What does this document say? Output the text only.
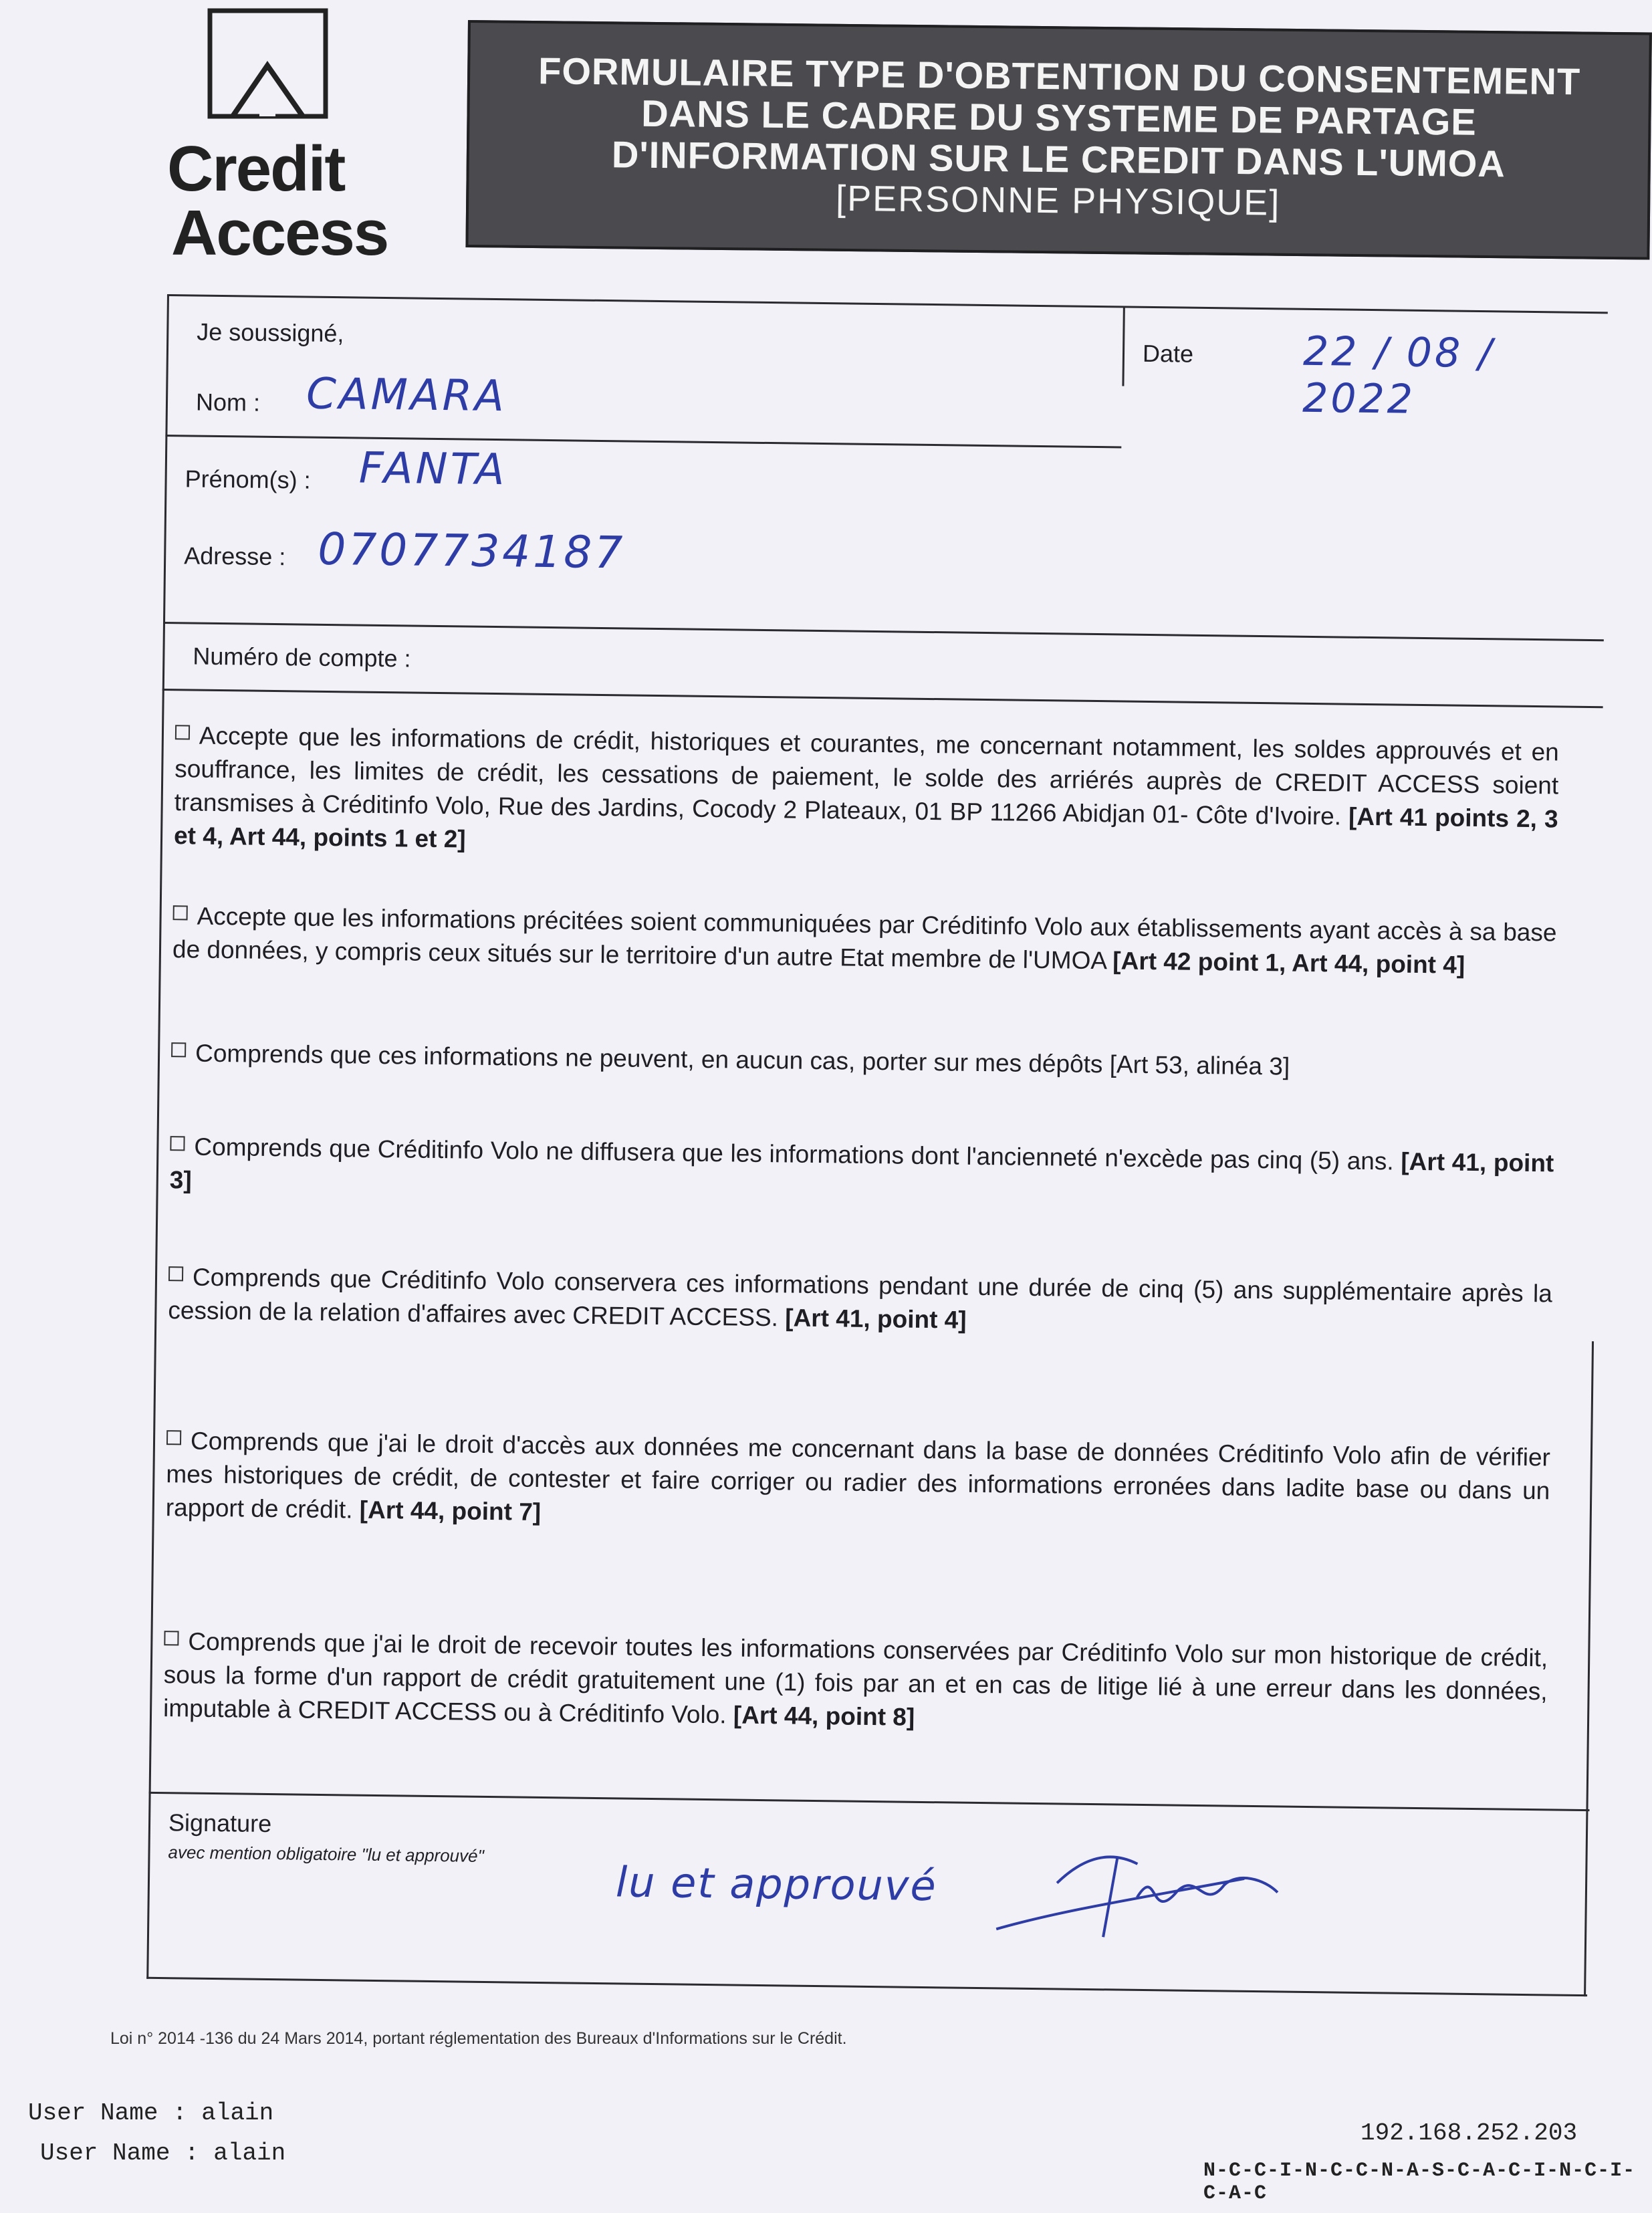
Credit
Access
FORMULAIRE TYPE D'OBTENTION DU CONSENTEMENT
DANS LE CADRE DU SYSTEME DE PARTAGE
D'INFORMATION SUR LE CREDIT DANS L'UMOA
[PERSONNE PHYSIQUE]
Je soussigné,
Date	22 / 08 / 2022
Nom : CAMARA
Prénom(s) : FANTA
Adresse : 0707734187
Numéro de compte :
Accepte que les informations de crédit, historiques et courantes, me concernant notamment, les soldes approuvés et en souffrance, les limites de crédit, les cessations de paiement, le solde des arriérés auprès de CREDIT ACCESS soient transmises à Créditinfo Volo, Rue des Jardins, Cocody 2 Plateaux, 01 BP 11266 Abidjan 01- Côte d'Ivoire. [Art 41 points 2, 3 et 4, Art 44, points 1 et 2]
Accepte que les informations précitées soient communiquées par Créditinfo Volo aux établissements ayant accès à sa base de données, y compris ceux situés sur le territoire d'un autre Etat membre de l'UMOA [Art 42 point 1, Art 44, point 4]
Comprends que ces informations ne peuvent, en aucun cas, porter sur mes dépôts [Art 53, alinéa 3]
Comprends que Créditinfo Volo ne diffusera que les informations dont l'ancienneté n'excède pas cinq (5) ans. [Art 41, point 3]
Comprends que Créditinfo Volo conservera ces informations pendant une durée de cinq (5) ans supplémentaire après la cession de la relation d'affaires avec CREDIT ACCESS. [Art 41, point 4]
Comprends que j'ai le droit d'accès aux données me concernant dans la base de données Créditinfo Volo afin de vérifier mes historiques de crédit, de contester et faire corriger ou radier des informations erronées dans ladite base ou dans un rapport de crédit. [Art 44, point 7]
Comprends que j'ai le droit de recevoir toutes les informations conservées par Créditinfo Volo sur mon historique de crédit, sous la forme d'un rapport de crédit gratuitement une (1) fois par an et en cas de litige lié à une erreur dans les données, imputable à CREDIT ACCESS ou à Créditinfo Volo. [Art 44, point 8]
Signature
avec mention obligatoire "lu et approuvé"
lu et approuvé
Loi n° 2014 -136 du 24 Mars 2014, portant réglementation des Bureaux d'Informations sur le Crédit.
User Name : alain
User Name : alain
192.168.252.203
N-C-C-I-N-C-C-N-A-S-C-A-C-I-N-C-I-C-A-C
